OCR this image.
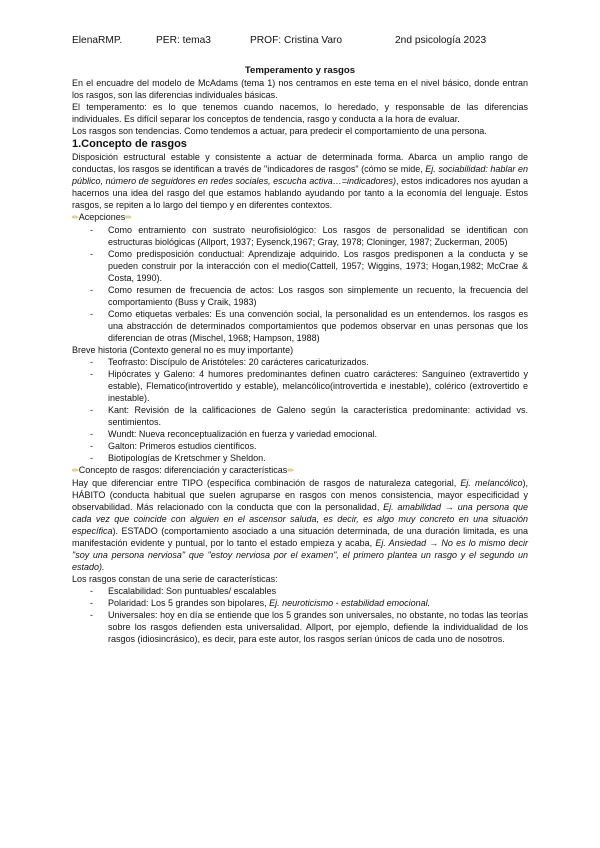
ElenaRMP.	PER: tema3	PROF: Cristina Varo	2nd psicología 2023
Temperamento y rasgos

En el encuadre del modelo de McAdams (tema 1) nos centramos en este tema en el nivel básico, donde entran los rasgos, son las diferencias individuales básicas.

El temperamento: es lo que tenemos cuando nacemos, lo heredado, y responsable de las diferencias individuales. Es difícil separar los conceptos de tendencia, rasgo y conducta a la hora de evaluar.

Los rasgos son tendencias. Como tendemos a actuar, para predecir el comportamiento de una persona.

1.Concepto de rasgos

Disposición estructural estable y consistente a actuar de determinada forma. Abarca un amplio rango de conductas, los rasgos se identifican a través de "indicadores de rasgos" (cómo se mide, Ej. sociabilidad: hablar en público, número de seguidores en redes sociales, escucha activa…=indicadores), estos indicadores nos ayudan a hacernos una idea del rasgo del que estamos hablando ayudando por tanto a la economía del lenguaje. Estos rasgos, se repiten a lo largo del tiempo y en diferentes contextos.

✏Acepciones✏

- Como entramiento con sustrato neurofisiológico: Los rasgos de personalidad se identifican con estructuras biológicas (Allport, 1937; Eysenck,1967; Gray, 1978; Cloninger, 1987; Zuckerman, 2005)
- Como predisposición conductual: Aprendizaje adquirido. Los rasgos predisponen a la conducta y se pueden construir por la interacción con el medio(Cattell, 1957; Wiggins, 1973; Hogan,1982; McCrae & Costa, 1990).
- Como resumen de frecuencia de actos: Los rasgos son simplemente un recuento, la frecuencia del comportamiento (Buss y Craik, 1983)
- Como etiquetas verbales: Es una convención social, la personalidad es un entendernos. los rasgos es una abstracción de determinados comportamientos que podemos observar en unas personas que los diferencian de otras (Mischel, 1968; Hampson, 1988)

Breve historia (Contexto general no es muy importante)

- Teofrasto: Discípulo de Aristóteles: 20 carácteres caricaturizados.
- Hipócrates y Galeno: 4 humores predominantes definen cuatro carácteres: Sanguíneo (extravertido y estable), Flematico(introvertido y estable), melancólico(introvertida e inestable), colérico (extrovertido e inestable).
- Kant: Revisión de la calificaciones de Galeno según la característica predominante: actividad vs. sentimientos.
- Wundt: Nueva reconceptualización en fuerza y variedad emocional.
- Galton: Primeros estudios científicos.
- Biotipologías de Kretschmer y Sheldon.

✏Concepto de rasgos: diferenciación y características✏

Hay que diferenciar entre TIPO (específica combinación de rasgos de naturaleza categorial, Ej. melancólico), HÁBITO (conducta habitual que suelen agruparse en rasgos con menos consistencia, mayor especificidad y observabilidad. Más relacionado con la conducta que con la personalidad, Ej. amabilidad → una persona que cada vez que coincide con alguien en el ascensor saluda, es decir, es algo muy concreto en una situación específica). ESTADO (comportamiento asociado a una situación determinada, de una duración limitada, es una manifestación evidente y puntual, por lo tanto el estado empieza y acaba, Ej. Ansiedad → No es lo mismo decir "soy una persona nerviosa" que "estoy nerviosa por el examen", el primero plantea un rasgo y el segundo un estado).

Los rasgos constan de una serie de características:

- Escalabilidad: Son puntuables/ escalables
- Polaridad: Los 5 grandes son bipolares, Ej. neuroticismo - estabilidad emocional.
- Universales: hoy en día se entiende que los 5 grandes son universales, no obstante, no todas las teorías sobre los rasgos defienden esta universalidad. Allport, por ejemplo, defiende la individualidad de los rasgos (idiosincrásico), es decir, para este autor, los rasgos serían únicos de cada uno de nosotros.
